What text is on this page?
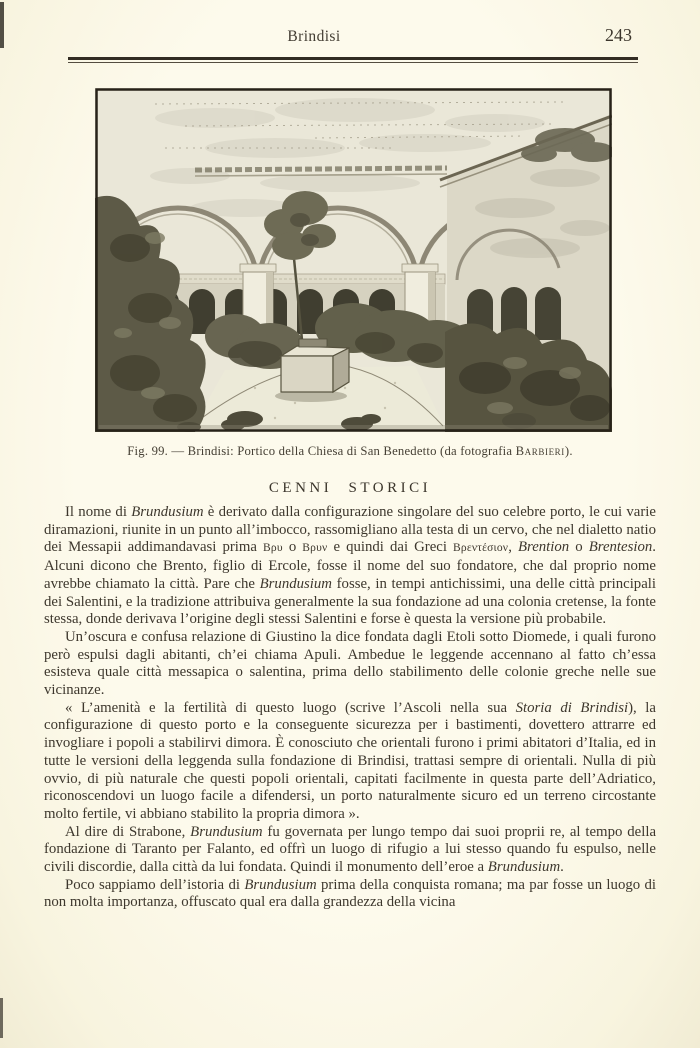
Brindisi	243
Fig. 99. — Brindisi: Portico della Chiesa di San Benedetto (da fotografia Barbieri).
CENNI STORICI

Il nome di Brundusium è derivato dalla configurazione singolare del suo celebre porto, le cui varie diramazioni, riunite in un punto all’imbocco, rassomigliano alla testa di un cervo, che nel dialetto natio dei Messapii addimandavasi prima Βρυ o Βρυν e quindi dai Greci Βρεντέσιον, Brention o Brentesion. Alcuni dicono che Brento, figlio di Ercole, fosse il nome del suo fondatore, che dal proprio nome avrebbe chiamato la città. Pare che Brundusium fosse, in tempi antichissimi, una delle città principali dei Salentini, e la tradizione attribuiva generalmente la sua fondazione ad una colonia cretense, la fonte stessa, donde derivava l’origine degli stessi Salentini e forse è questa la versione più probabile.

Un’oscura e confusa relazione di Giustino la dice fondata dagli Etoli sotto Diomede, i quali furono però espulsi dagli abitanti, ch’ei chiama Apuli. Ambedue le leggende accennano al fatto ch’essa esisteva quale città messapica o salentina, prima dello stabilimento delle colonie greche nelle sue vicinanze.

« L’amenità e la fertilità di questo luogo (scrive l’Ascoli nella sua Storia di Brindisi), la configurazione di questo porto e la conseguente sicurezza per i bastimenti, dovettero attrarre ed invogliare i popoli a stabilirvi dimora. È conosciuto che orientali furono i primi abitatori d’Italia, ed in tutte le versioni della leggenda sulla fondazione di Brindisi, trattasi sempre di orientali. Nulla di più ovvio, di più naturale che questi popoli orientali, capitati facilmente in questa parte dell’Adriatico, riconoscendovi un luogo facile a difendersi, un porto naturalmente sicuro ed un terreno circostante molto fertile, vi abbiano stabilito la propria dimora ».

Al dire di Strabone, Brundusium fu governata per lungo tempo dai suoi proprii re, al tempo della fondazione di Taranto per Falanto, ed offrì un luogo di rifugio a lui stesso quando fu espulso, nelle civili discordie, dalla città da lui fondata. Quindi il monumento dell’eroe a Brundusium.

Poco sappiamo dell’istoria di Brundusium prima della conquista romana; ma par fosse un luogo di non molta importanza, offuscato qual era dalla grandezza della vicina
